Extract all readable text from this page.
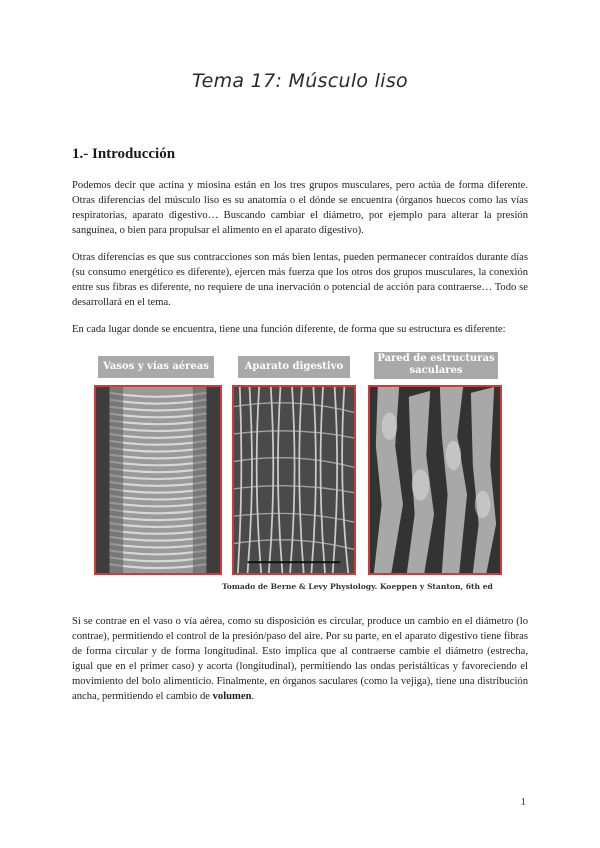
Tema 17: Músculo liso
1.- Introducción

Podemos decir que actina y miosina están en los tres grupos musculares, pero actúa de forma diferente. Otras diferencias del músculo liso es su anatomía o el dónde se encuentra (órganos huecos como las vías respiratorias, aparato digestivo… Buscando cambiar el diámetro, por ejemplo para alterar la presión sanguínea, o bien para propulsar el alimento en el aparato digestivo).

Otras diferencias es que sus contracciones son más bien lentas, pueden permanecer contraídos durante días (su consumo energético es diferente), ejercen más fuerza que los otros dos grupos musculares, la conexión entre sus fibras es diferente, no requiere de una inervación o potencial de acción para contraerse… Todo se desarrollará en el tema.

En cada lugar donde se encuentra, tiene una función diferente, de forma que su estructura es diferente:

Vasos y vías aéreas	Aparato digestivo
Pared de estructuras saculares
Tomado de Berne & Levy Physiology. Koeppen y Stanton, 6th ed

Si se contrae en el vaso o vía aérea, como su disposición es circular, produce un cambio en el diámetro (lo contrae), permitiendo el control de la presión/paso del aire. Por su parte, en el aparato digestivo tiene fibras de forma circular y de forma longitudinal. Esto implica que al contraerse cambie el diámetro (estrecha, igual que en el primer caso) y acorta (longitudinal), permitiendo las ondas peristálticas y favoreciendo el movimiento del bolo alimenticio. Finalmente, en órganos saculares (como la vejiga), tiene una distribución ancha, permitiendo el cambio de volumen.

1
